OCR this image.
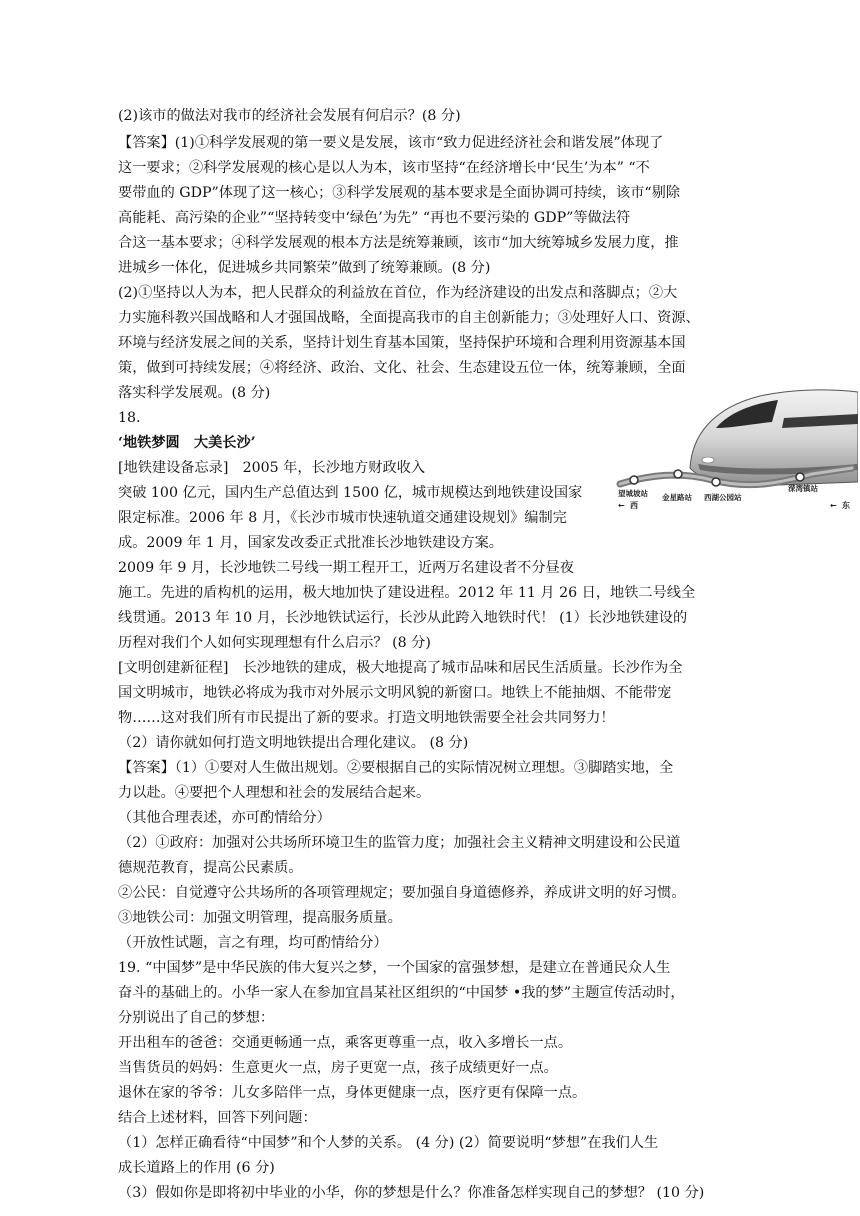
(2)该市的做法对我市的经济社会发展有何启示？(8 分)
【答案】(1)①科学发展观的第一要义是发展，该市“致力促进经济社会和谐发展”体现了
这一要求；②科学发展观的核心是以人为本，该市坚持“在经济增长中‘民生’为本” “不
要带血的 GDP”体现了这一核心；③科学发展观的基本要求是全面协调可持续，该市“剔除
高能耗、高污染的企业”“坚持转变中‘绿色’为先” “再也不要污染的 GDP”等做法符
合这一基本要求；④科学发展观的根本方法是统筹兼顾，该市“加大统筹城乡发展力度，推
进城乡一体化，促进城乡共同繁荣”做到了统筹兼顾。(8 分)
(2)①坚持以人为本，把人民群众的利益放在首位，作为经济建设的出发点和落脚点；②大
力实施科教兴国战略和人才强国战略，全面提高我市的自主创新能力；③处理好人口、资源、
环境与经济发展之间的关系，坚持计划生育基本国策，坚持保护环境和合理利用资源基本国
策，做到可持续发展；④将经济、政治、文化、社会、生态建设五位一体，统筹兼顾，全面
落实科学发展观。(8 分)
18.
‘地铁梦圆　大美长沙’
[地铁建设备忘录]　2005 年，长沙地方财政收入
突破 100 亿元，国内生产总值达到 1500 亿，城市规模达到地铁建设国家
限定标准。2006 年 8 月，《长沙市城市快速轨道交通建设规划》编制完
成。2009 年 1 月，国家发改委正式批准长沙地铁建设方案。
2009 年 9 月，长沙地铁二号线一期工程开工，近两万名建设者不分昼夜
施工。先进的盾构机的运用，极大地加快了建设进程。2012 年 11 月 26 日，地铁二号线全
线贯通。2013 年 10 月，长沙地铁试运行，长沙从此跨入地铁时代！ (1）长沙地铁建设的
历程对我们个人如何实现理想有什么启示？ (8 分)
[文明创建新征程]　长沙地铁的建成，极大地提高了城市品味和居民生活质量。长沙作为全
国文明城市，地铁必将成为我市对外展示文明风貌的新窗口。地铁上不能抽烟、不能带宠
物……这对我们所有市民提出了新的要求。打造文明地铁需要全社会共同努力！
（2）请你就如何打造文明地铁提出合理化建议。 (8 分)
【答案】（1）①要对人生做出规划。②要根据自己的实际情况树立理想。③脚踏实地，全
力以赴。④要把个人理想和社会的发展结合起来。
（其他合理表述，亦可酌情给分）
（2）①政府：加强对公共场所环境卫生的监管力度；加强社会主义精神文明建设和公民道
德规范教育，提高公民素质。
②公民：自觉遵守公共场所的各项管理规定；要加强自身道德修养，养成讲文明的好习惯。
③地铁公司：加强文明管理，提高服务质量。
（开放性试题，言之有理，均可酌情给分）
19. “中国梦”是中华民族的伟大复兴之梦，一个国家的富强梦想，是建立在普通民众人生
奋斗的基础上的。小华一家人在参加宜昌某社区组织的“中国梦 •我的梦”主题宣传活动时，
分别说出了自己的梦想：
开出租车的爸爸：交通更畅通一点，乘客更尊重一点，收入多增长一点。
当售货员的妈妈：生意更火一点，房子更宽一点，孩子成绩更好一点。
退休在家的爷爷：儿女多陪伴一点，身体更健康一点，医疗更有保障一点。
结合上述材料，回答下列问题：
（1）怎样正确看待“中国梦”和个人梦的关系。 (4 分) (2）简要说明“梦想”在我们人生
成长道路上的作用 (6 分)
（3）假如你是即将初中毕业的小华，你的梦想是什么？你准备怎样实现自己的梦想？ (10 分)
望城坡站 金星路站 西湖公园站
溁湾镇站
← 西	← 东
